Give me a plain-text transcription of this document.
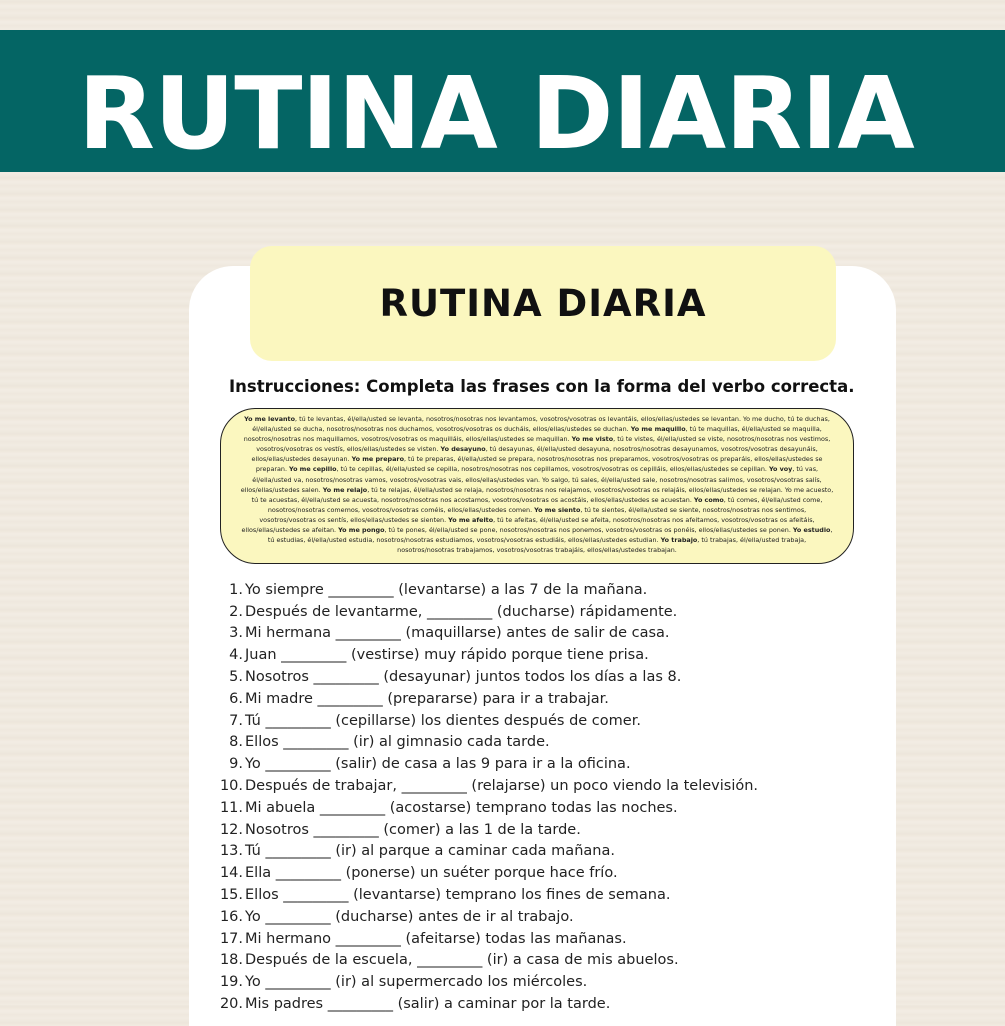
RUTINA DIARIA
RUTINA DIARIA

Instrucciones: Completa las frases con la forma del verbo correcta.

Yo me levanto, tú te levantas, él/ella/usted se levanta, nosotros/nosotras nos levantamos, vosotros/vosotras os levantáis, ellos/ellas/ustedes se levantan. Yo me ducho, tú te duchas, él/ella/usted se ducha, nosotros/nosotras nos duchamos, vosotros/vosotras os ducháis, ellos/ellas/ustedes se duchan. Yo me maquillo, tú te maquillas, él/ella/usted se maquilla, nosotros/nosotras nos maquillamos, vosotros/vosotras os maquilláis, ellos/ellas/ustedes se maquillan. Yo me visto, tú te vistes, él/ella/usted se viste, nosotros/nosotras nos vestimos, vosotros/vosotras os vestís, ellos/ellas/ustedes se visten. Yo desayuno, tú desayunas, él/ella/usted desayuna, nosotros/nosotras desayunamos, vosotros/vosotras desayunáis, ellos/ellas/ustedes desayunan. Yo me preparo, tú te preparas, él/ella/usted se prepara, nosotros/nosotras nos preparamos, vosotros/vosotras os preparáis, ellos/ellas/ustedes se preparan. Yo me cepillo, tú te cepillas, él/ella/usted se cepilla, nosotros/nosotras nos cepillamos, vosotros/vosotras os cepilláis, ellos/ellas/ustedes se cepillan. Yo voy, tú vas, él/ella/usted va, nosotros/nosotras vamos, vosotros/vosotras vais, ellos/ellas/ustedes van. Yo salgo, tú sales, él/ella/usted sale, nosotros/nosotras salimos, vosotros/vosotras salís, ellos/ellas/ustedes salen. Yo me relajo, tú te relajas, él/ella/usted se relaja, nosotros/nosotras nos relajamos, vosotros/vosotras os relajáis, ellos/ellas/ustedes se relajan. Yo me acuesto, tú te acuestas, él/ella/usted se acuesta, nosotros/nosotras nos acostamos, vosotros/vosotras os acostáis, ellos/ellas/ustedes se acuestan. Yo como, tú comes, él/ella/usted come, nosotros/nosotras comemos, vosotros/vosotras coméis, ellos/ellas/ustedes comen. Yo me siento, tú te sientes, él/ella/usted se siente, nosotros/nosotras nos sentimos, vosotros/vosotras os sentís, ellos/ellas/ustedes se sienten. Yo me afeito, tú te afeitas, él/ella/usted se afeita, nosotros/nosotras nos afeitamos, vosotros/vosotras os afeitáis, ellos/ellas/ustedes se afeitan. Yo me pongo, tú te pones, él/ella/usted se pone, nosotros/nosotras nos ponemos, vosotros/vosotras os ponéis, ellos/ellas/ustedes se ponen. Yo estudio, tú estudias, él/ella/usted estudia, nosotros/nosotras estudiamos, vosotros/vosotras estudiáis, ellos/ellas/ustedes estudian. Yo trabajo, tú trabajas, él/ella/usted trabaja, nosotros/nosotras trabajamos, vosotros/vosotras trabajáis, ellos/ellas/ustedes trabajan.

1. Yo siempre _________ (levantarse) a las 7 de la mañana.
2. Después de levantarme, _________ (ducharse) rápidamente.
3. Mi hermana _________ (maquillarse) antes de salir de casa.
4. Juan _________ (vestirse) muy rápido porque tiene prisa.
5. Nosotros _________ (desayunar) juntos todos los días a las 8.
6. Mi madre _________ (prepararse) para ir a trabajar.
7. Tú _________ (cepillarse) los dientes después de comer.
8. Ellos _________ (ir) al gimnasio cada tarde.
9. Yo _________ (salir) de casa a las 9 para ir a la oficina.
10. Después de trabajar, _________ (relajarse) un poco viendo la televisión.
11. Mi abuela _________ (acostarse) temprano todas las noches.
12. Nosotros _________ (comer) a las 1 de la tarde.
13. Tú _________ (ir) al parque a caminar cada mañana.
14. Ella _________ (ponerse) un suéter porque hace frío.
15. Ellos _________ (levantarse) temprano los fines de semana.
16. Yo _________ (ducharse) antes de ir al trabajo.
17. Mi hermano _________ (afeitarse) todas las mañanas.
18. Después de la escuela, _________ (ir) a casa de mis abuelos.
19. Yo _________ (ir) al supermercado los miércoles.
20. Mis padres _________ (salir) a caminar por la tarde.
